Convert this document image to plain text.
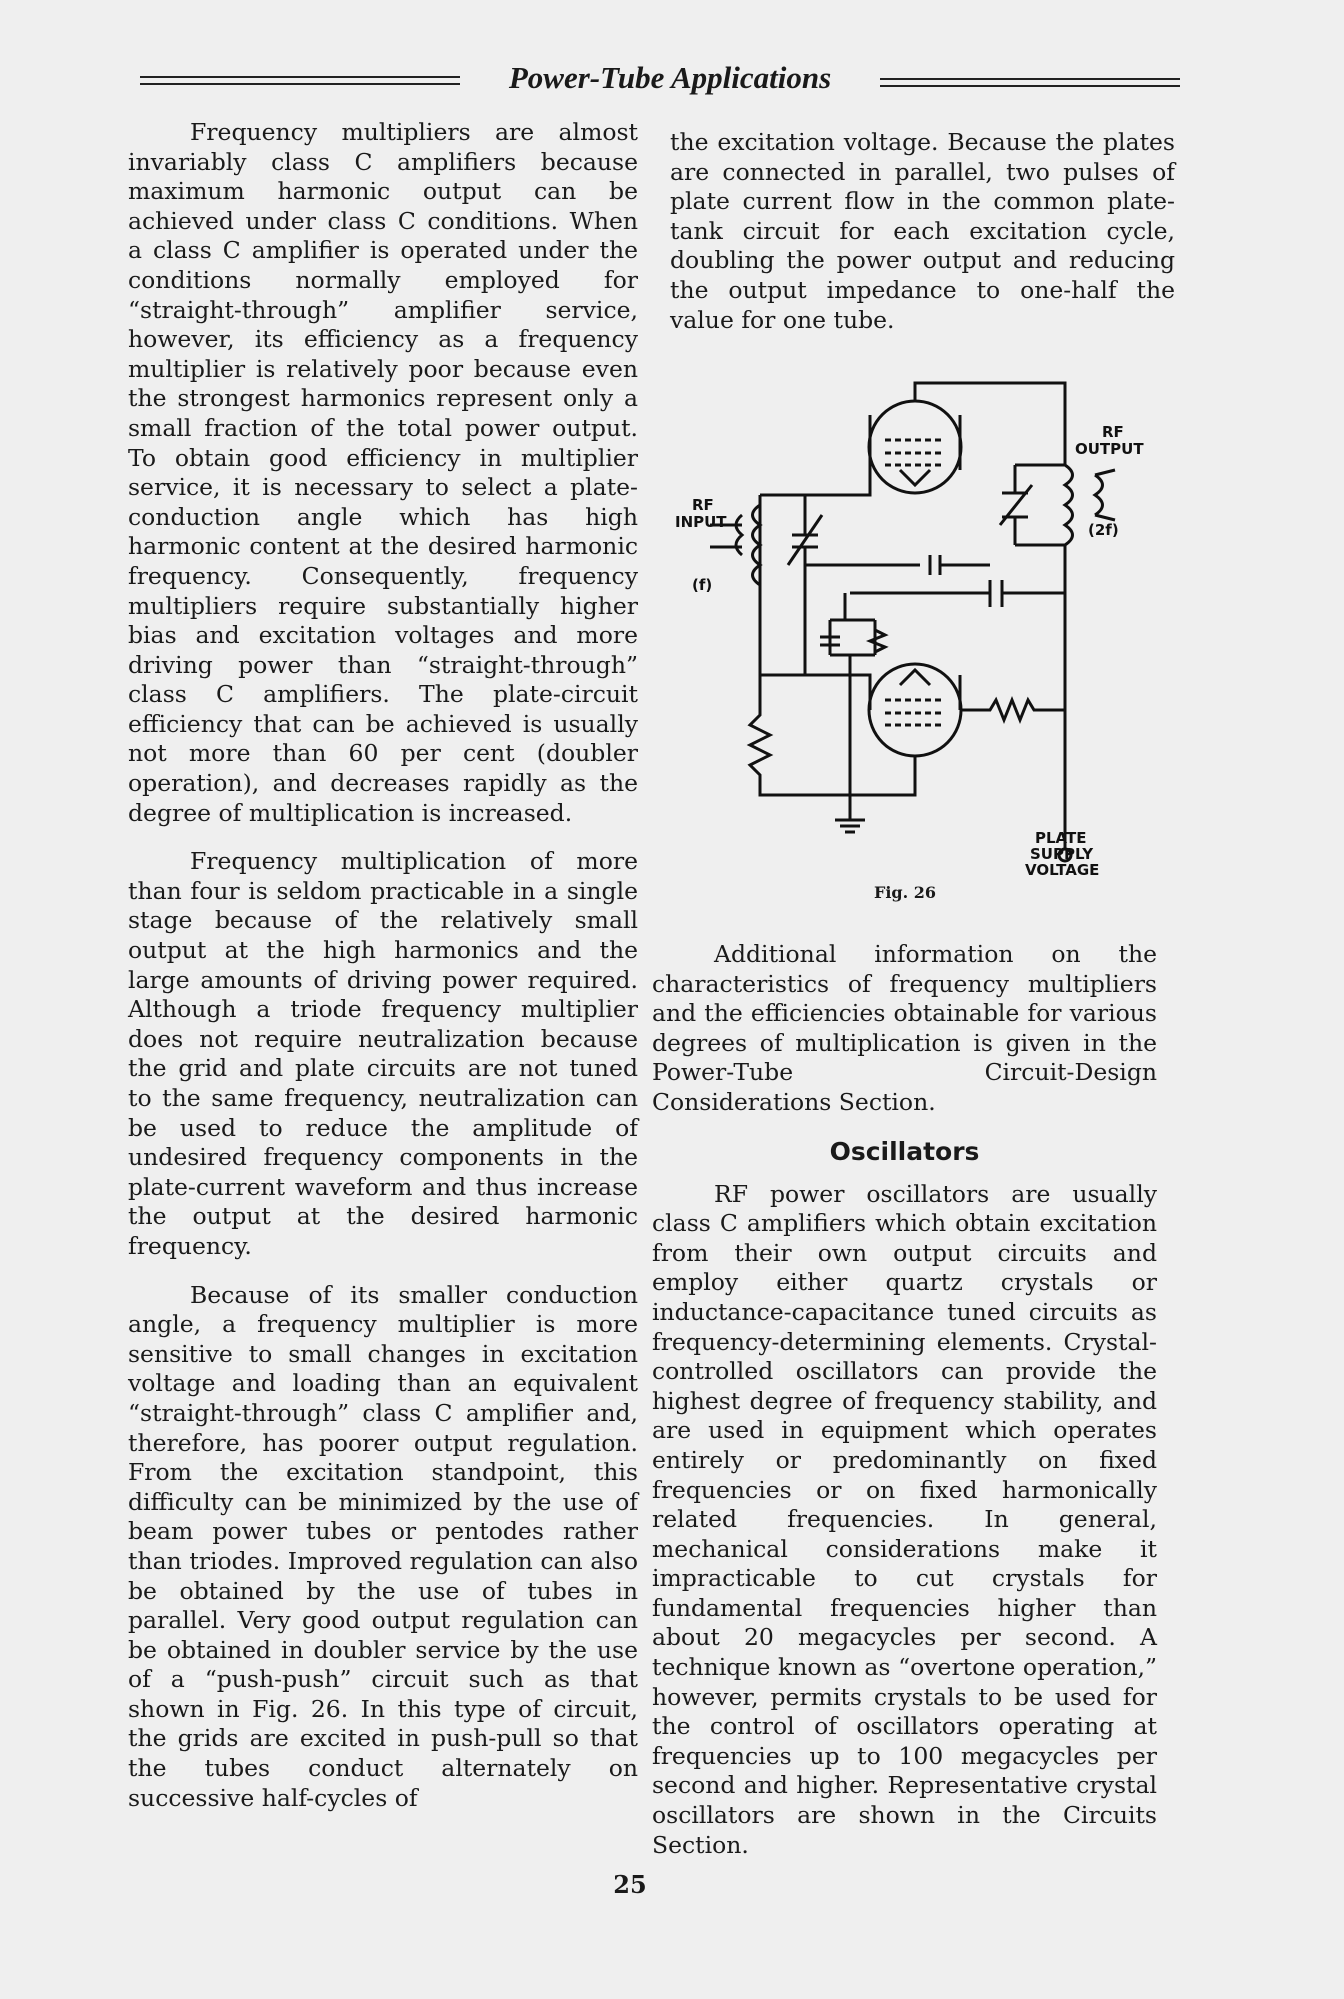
Power-Tube Applications

Frequency multipliers are almost invariably class C amplifiers because maximum harmonic output can be achieved under class C conditions. When a class C amplifier is operated under the conditions normally employed for “straight-through” amplifier service, however, its efficiency as a frequency multiplier is relatively poor because even the strongest harmonics represent only a small fraction of the total power output. To obtain good efficiency in multiplier service, it is necessary to select a plate-conduction angle which has high harmonic content at the desired harmonic frequency. Consequently, frequency multipliers require substantially higher bias and excitation voltages and more driving power than “straight-through” class C amplifiers. The plate-circuit efficiency that can be achieved is usually not more than 60 per cent (doubler operation), and decreases rapidly as the degree of multiplication is increased.

Frequency multiplication of more than four is seldom practicable in a single stage because of the relatively small output at the high harmonics and the large amounts of driving power required. Although a triode frequency multiplier does not require neutralization because the grid and plate circuits are not tuned to the same frequency, neutralization can be used to reduce the amplitude of undesired frequency components in the plate-current waveform and thus increase the output at the desired harmonic frequency.

Because of its smaller conduction angle, a frequency multiplier is more sensitive to small changes in excitation voltage and loading than an equivalent “straight-through” class C amplifier and, therefore, has poorer output regulation. From the excitation standpoint, this difficulty can be minimized by the use of beam power tubes or pentodes rather than triodes. Improved regulation can also be obtained by the use of tubes in parallel. Very good output regulation can be obtained in doubler service by the use of a “push-push” circuit such as that shown in Fig. 26. In this type of circuit, the grids are excited in push-pull so that the tubes conduct alternately on successive half-cycles of

the excitation voltage. Because the plates are connected in parallel, two pulses of plate current flow in the common plate-tank circuit for each excitation cycle, doubling the power output and reducing the output impedance to one-half the value for one tube.

RF
INPUT
(f)
RF
OUTPUT
(2f)
PLATE
SUPPLY
VOLTAGE
Fig. 26

Additional information on the characteristics of frequency multipliers and the efficiencies obtainable for various degrees of multiplication is given in the Power-Tube Circuit-Design Considerations Section.

Oscillators

RF power oscillators are usually class C amplifiers which obtain excitation from their own output circuits and employ either quartz crystals or inductance-capacitance tuned circuits as frequency-determining elements. Crystal-controlled oscillators can provide the highest degree of frequency stability, and are used in equipment which operates entirely or predominantly on fixed frequencies or on fixed harmonically related frequencies. In general, mechanical considerations make it impracticable to cut crystals for fundamental frequencies higher than about 20 megacycles per second. A technique known as “overtone operation,” however, permits crystals to be used for the control of oscillators operating at frequencies up to 100 megacycles per second and higher. Representative crystal oscillators are shown in the Circuits Section.

25
